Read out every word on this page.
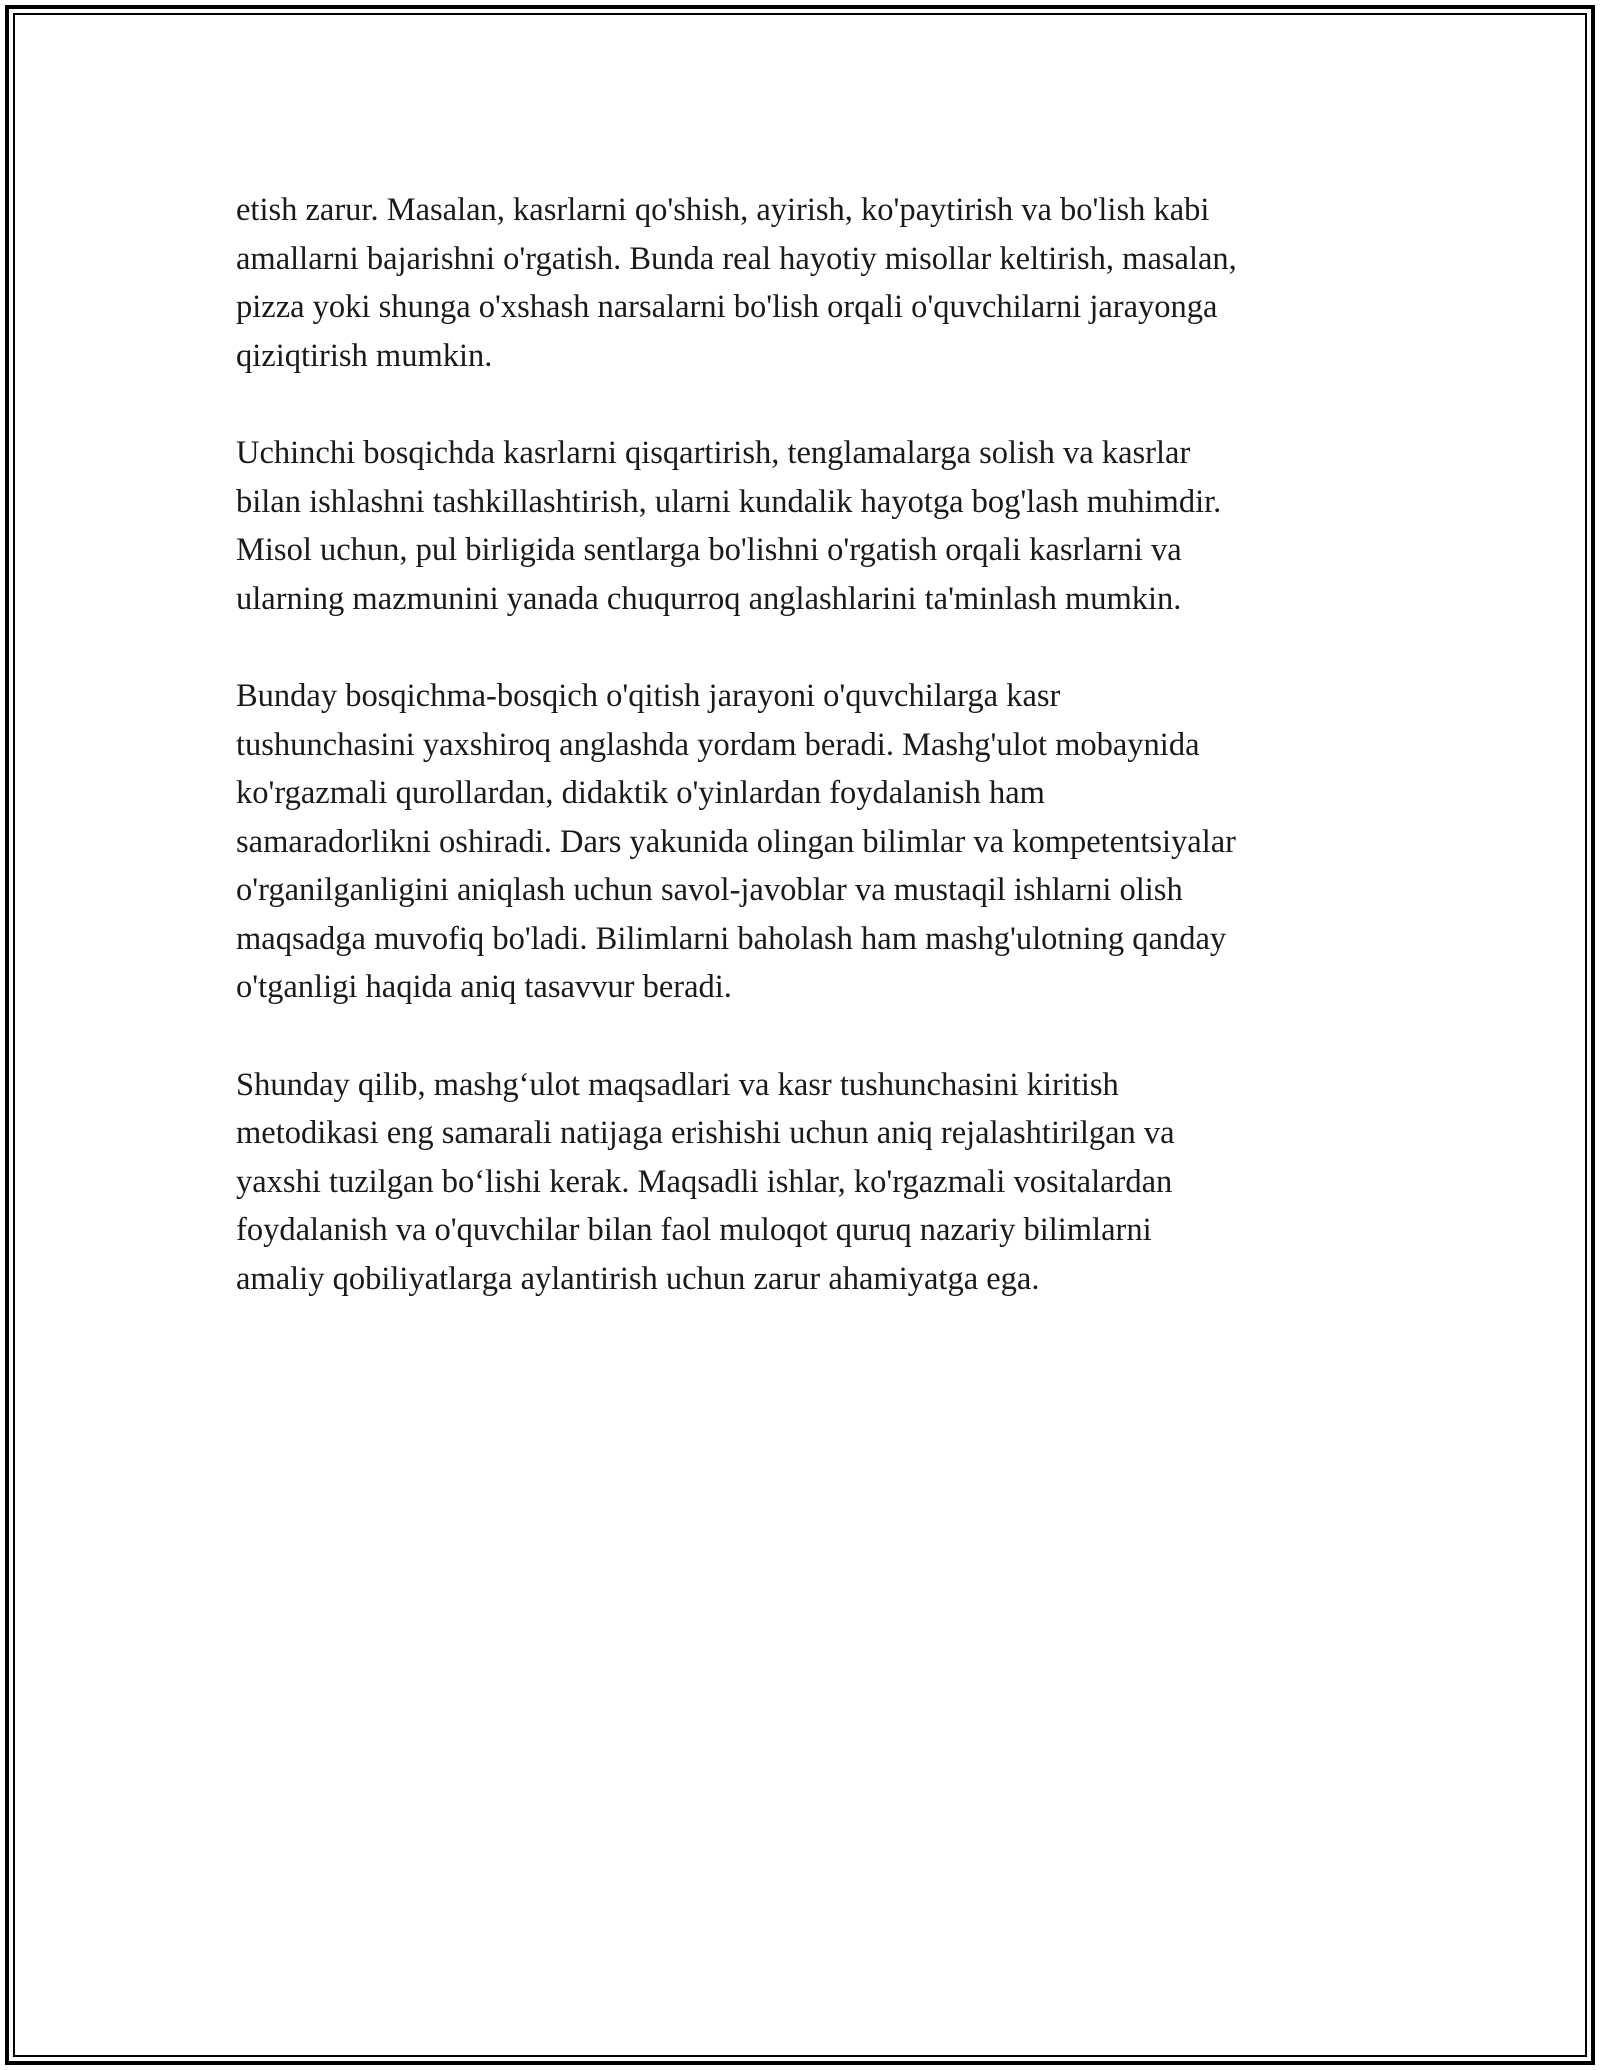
etish zarur. Masalan, kasrlarni qo'shish, ayirish, ko'paytirish va bo'lish kabi
amallarni bajarishni o'rgatish. Bunda real hayotiy misollar keltirish, masalan,
pizza yoki shunga o'xshash narsalarni bo'lish orqali o'quvchilarni jarayonga
qiziqtirish mumkin.

Uchinchi bosqichda kasrlarni qisqartirish, tenglamalarga solish va kasrlar
bilan ishlashni tashkillashtirish, ularni kundalik hayotga bog'lash muhimdir.
Misol uchun, pul birligida sentlarga bo'lishni o'rgatish orqali kasrlarni va
ularning mazmunini yanada chuqurroq anglashlarini ta'minlash mumkin.

Bunday bosqichma-bosqich o'qitish jarayoni o'quvchilarga kasr
tushunchasini yaxshiroq anglashda yordam beradi. Mashg'ulot mobaynida
ko'rgazmali qurollardan, didaktik o'yinlardan foydalanish ham
samaradorlikni oshiradi. Dars yakunida olingan bilimlar va kompetentsiyalar
o'rganilganligini aniqlash uchun savol-javoblar va mustaqil ishlarni olish
maqsadga muvofiq bo'ladi. Bilimlarni baholash ham mashg'ulotning qanday
o'tganligi haqida aniq tasavvur beradi.

Shunday qilib, mashg‘ulot maqsadlari va kasr tushunchasini kiritish
metodikasi eng samarali natijaga erishishi uchun aniq rejalashtirilgan va
yaxshi tuzilgan bo‘lishi kerak. Maqsadli ishlar, ko'rgazmali vositalardan
foydalanish va o'quvchilar bilan faol muloqot quruq nazariy bilimlarni
amaliy qobiliyatlarga aylantirish uchun zarur ahamiyatga ega.
